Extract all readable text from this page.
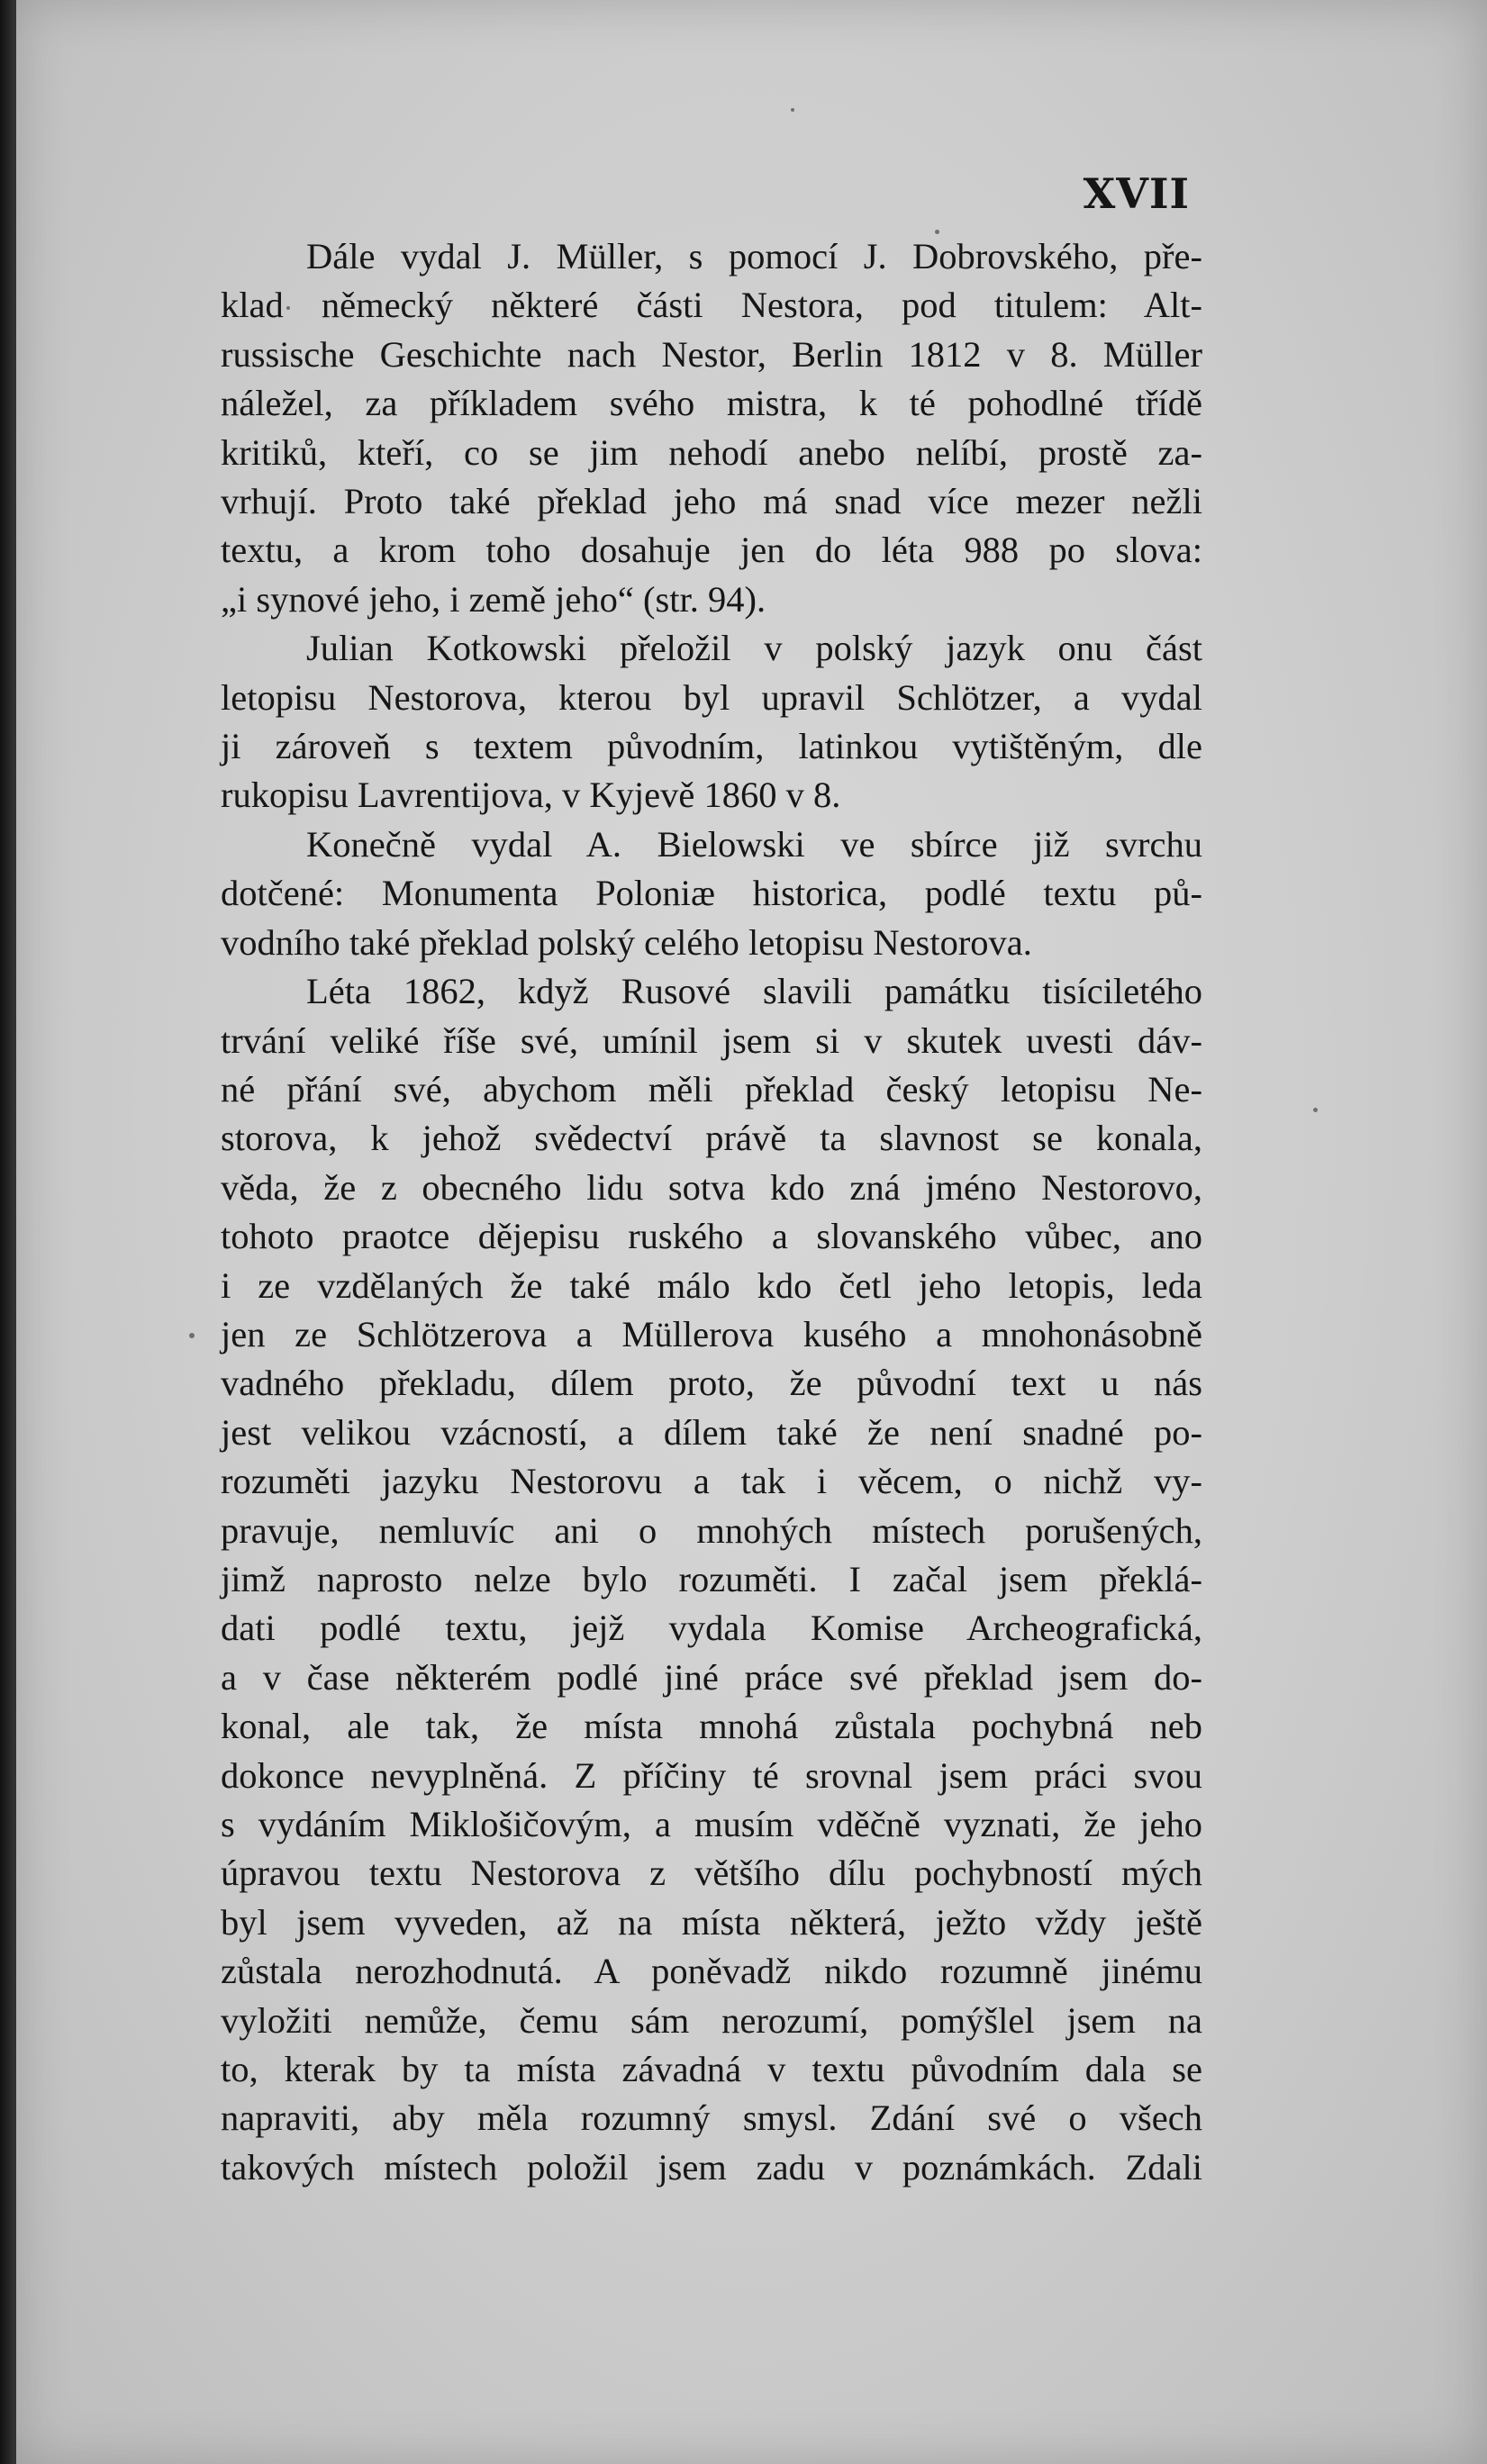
XVII
Dále vydal J. Müller, s pomocí J. Dobrovského, pře-
klad německý některé části Nestora, pod titulem: Alt-
russische Geschichte nach Nestor, Berlin 1812 v 8. Müller
náležel, za příkladem svého mistra, k té pohodlné třídě
kritiků, kteří, co se jim nehodí anebo nelíbí, prostě za-
vrhují. Proto také překlad jeho má snad více mezer nežli
textu, a krom toho dosahuje jen do léta 988 po slova:
„i synové jeho, i země jeho“ (str. 94).
Julian Kotkowski přeložil v polský jazyk onu část
letopisu Nestorova, kterou byl upravil Schlötzer, a vydal
ji zároveň s textem původním, latinkou vytištěným, dle
rukopisu Lavrentijova, v Kyjevě 1860 v 8.
Konečně vydal A. Bielowski ve sbírce již svrchu
dotčené: Monumenta Poloniæ historica, podlé textu pů-
vodního také překlad polský celého letopisu Nestorova.
Léta 1862, když Rusové slavili památku tisíciletého
trvání veliké říše své, umínil jsem si v skutek uvesti dáv-
né přání své, abychom měli překlad český letopisu Ne-
storova, k jehož svědectví právě ta slavnost se konala,
věda, že z obecného lidu sotva kdo zná jméno Nestorovo,
tohoto praotce dějepisu ruského a slovanského vůbec, ano
i ze vzdělaných že také málo kdo četl jeho letopis, leda
jen ze Schlötzerova a Müllerova kusého a mnohonásobně
vadného překladu, dílem proto, že původní text u nás
jest velikou vzácností, a dílem také že není snadné po-
rozuměti jazyku Nestorovu a tak i věcem, o nichž vy-
pravuje, nemluvíc ani o mnohých místech porušených,
jimž naprosto nelze bylo rozuměti. I začal jsem překlá-
dati podlé textu, jejž vydala Komise Archeografická,
a v čase některém podlé jiné práce své překlad jsem do-
konal, ale tak, že místa mnohá zůstala pochybná neb
dokonce nevyplněná. Z příčiny té srovnal jsem práci svou
s vydáním Miklošičovým, a musím vděčně vyznati, že jeho
úpravou textu Nestorova z většího dílu pochybností mých
byl jsem vyveden, až na místa některá, ježto vždy ještě
zůstala nerozhodnutá. A poněvadž nikdo rozumně jinému
vyložiti nemůže, čemu sám nerozumí, pomýšlel jsem na
to, kterak by ta místa závadná v textu původním dala se
napraviti, aby měla rozumný smysl. Zdání své o všech
takových místech položil jsem zadu v poznámkách. Zdali
